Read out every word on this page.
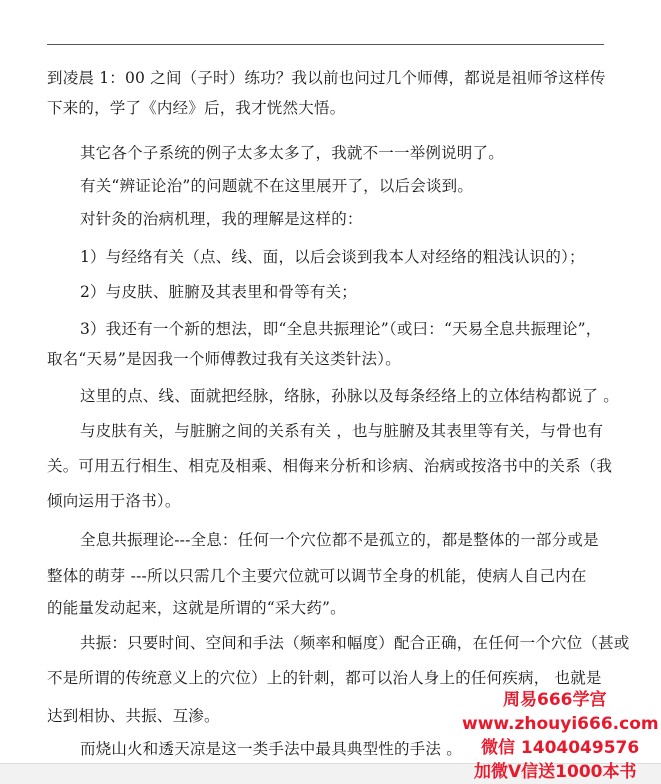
到凌晨 1：00 之间（子时）练功？我以前也问过几个师傅，都说是祖师爷这样传
下来的，学了《内经》后，我才恍然大悟。
其它各个子系统的例子太多太多了，我就不一一举例说明了。
有关“辨证论治”的问题就不在这里展开了，以后会谈到。
对针灸的治病机理，我的理解是这样的：
1）与经络有关（点、线、面，以后会谈到我本人对经络的粗浅认识的）；
2）与皮肤、脏腑及其表里和骨等有关；
3）我还有一个新的想法，即“全息共振理论”（或曰：“天易全息共振理论”，
取名“天易”是因我一个师傅教过我有关这类针法）。
这里的点、线、面就把经脉，络脉，孙脉以及每条经络上的立体结构都说了 。
与皮肤有关，与脏腑之间的关系有关 ，也与脏腑及其表里等有关，与骨也有
关。可用五行相生、相克及相乘、相侮来分析和诊病、治病或按洛书中的关系（我
倾向运用于洛书）。
全息共振理论---全息：任何一个穴位都不是孤立的，都是整体的一部分或是
整体的萌芽 ---所以只需几个主要穴位就可以调节全身的机能，使病人自己内在
的能量发动起来，这就是所谓的“采大药”。
共振：只要时间、空间和手法（频率和幅度）配合正确，在任何一个穴位（甚或
不是所谓的传统意义上的穴位）上的针刺，都可以治人身上的任何疾病， 也就是
达到相协、共振、互渗。
而烧山火和透天凉是这一类手法中最具典型性的手法 。
周易666学宫
www.zhouyi666.com
微信 1404049576
加微V信送1000本书
